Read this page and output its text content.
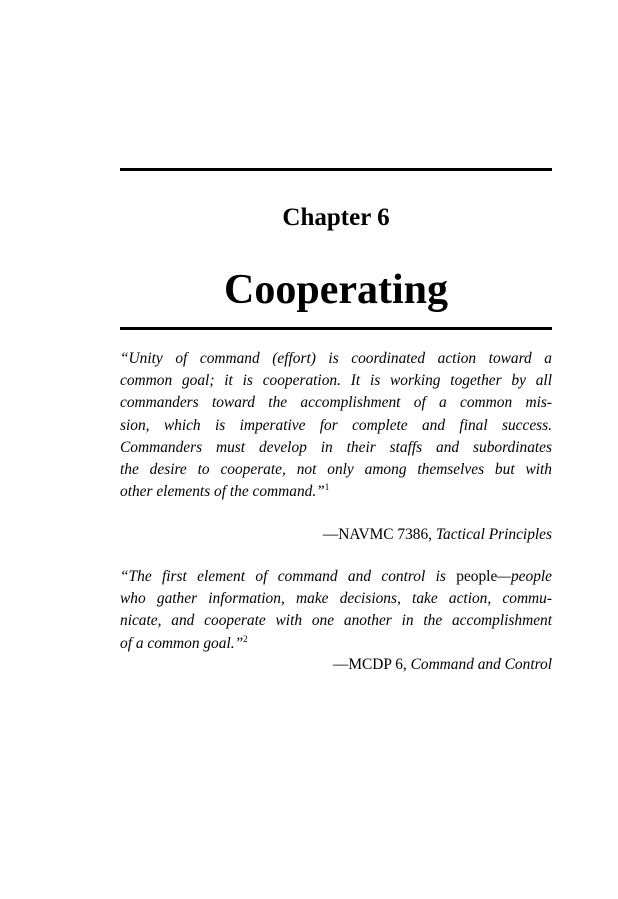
Chapter 6
Cooperating
“Unity of command (effort) is coordinated action toward a
common goal; it is cooperation. It is working together by all
commanders toward the accomplishment of a common mis-
sion, which is imperative for complete and final success.
Commanders must develop in their staffs and subordinates
the desire to cooperate, not only among themselves but with
other elements of the command.”$^1$
—NAVMC 7386, Tactical Principles
“The first element of command and control is people—people
who gather information, make decisions, take action, commu-
nicate, and cooperate with one another in the accomplishment
of a common goal.”$^2$
—MCDP 6, Command and Control
